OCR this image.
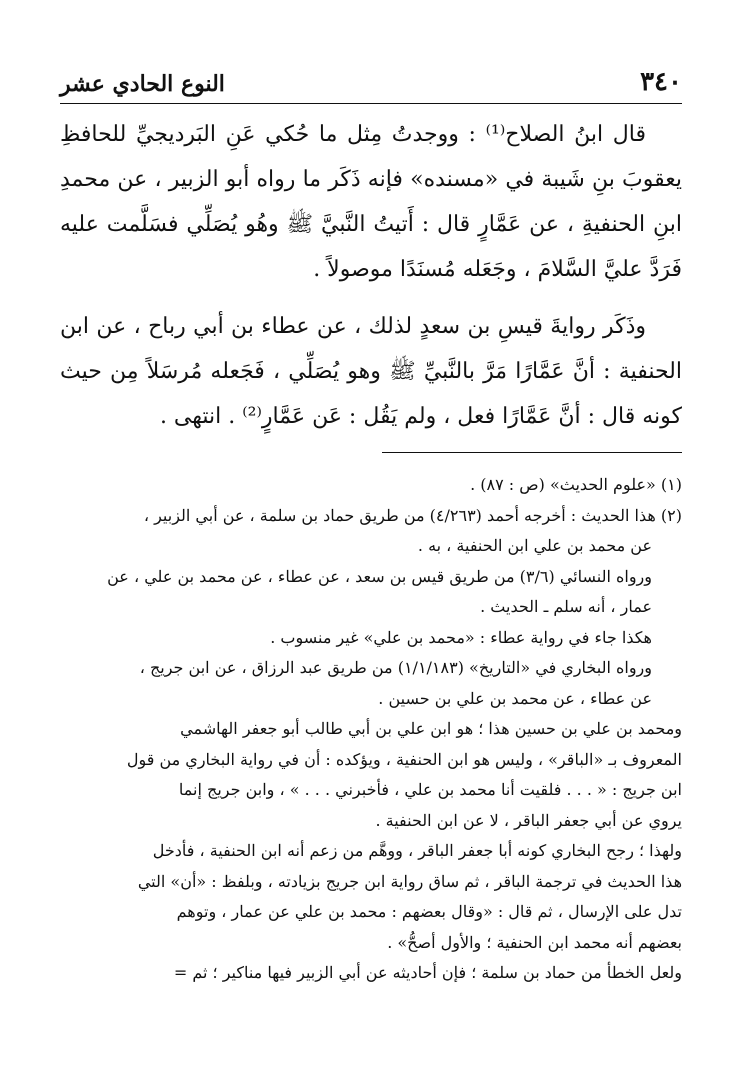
٣٤٠
النوع الحادي عشر

قال ابنُ الصلاح⁽¹⁾ : ووجدتُ مِثل ما حُكي عَنِ البَرديجيِّ للحافظِ يعقوبَ بنِ شَيبة في «مسنده» فإنه ذَكَر ما رواه أبو الزبير ، عن محمدِ ابنِ الحنفيةِ ، عن عَمَّارٍ قال : أَتيتُ النَّبيَّ ﷺ وهُو يُصَلِّي فسَلَّمت عليه فَرَدَّ عليَّ السَّلامَ ، وجَعَله مُسنَدًا موصولاً .

وذَكَر روايةَ قيسِ بن سعدٍ لذلك ، عن عطاء بن أبي رباح ، عن ابن الحنفية : أنَّ عَمَّارًا مَرَّ بالنَّبيِّ ﷺ وهو يُصَلِّي ، فَجَعله مُرسَلاً مِن حيث كونه قال : أنَّ عَمَّارًا فعل ، ولم يَقُل : عَن عَمَّارٍ⁽²⁾ . انتهى .

(١) «علوم الحديث» (ص : ٨٧) .

(٢) هذا الحديث : أخرجه أحمد (٤/٢٦٣) من طريق حماد بن سلمة ، عن أبي الزبير ،

عن محمد بن علي ابن الحنفية ، به .

ورواه النسائي (٣/٦) من طريق قيس بن سعد ، عن عطاء ، عن محمد بن علي ، عن

عمار ، أنه سلم ـ الحديث .

هكذا جاء في رواية عطاء : «محمد بن علي» غير منسوب .

ورواه البخاري في «التاريخ» (١/١/١٨٣) من طريق عبد الرزاق ، عن ابن جريج ،

عن عطاء ، عن محمد بن علي بن حسين .

ومحمد بن علي بن حسين هذا ؛ هو ابن علي بن أبي طالب أبو جعفر الهاشمي

المعروف بـ «الباقر» ، وليس هو ابن الحنفية ، ويؤكده : أن في رواية البخاري من قول

ابن جريج : « . . . فلقيت أنا محمد بن علي ، فأخبرني . . . » ، وابن جريج إنما

يروي عن أبي جعفر الباقر ، لا عن ابن الحنفية .

ولهذا ؛ رجح البخاري كونه أبا جعفر الباقر ، ووهَّم من زعم أنه ابن الحنفية ، فأدخل

هذا الحديث في ترجمة الباقر ، ثم ساق رواية ابن جريج بزيادته ، وبلفظ : «أن» التي

تدل على الإرسال ، ثم قال : «وقال بعضهم : محمد بن علي عن عمار ، وتوهم

بعضهم أنه محمد ابن الحنفية ؛ والأول أصحُّ» .

ولعل الخطأ من حماد بن سلمة ؛ فإن أحاديثه عن أبي الزبير فيها مناكير ؛ ثم =
